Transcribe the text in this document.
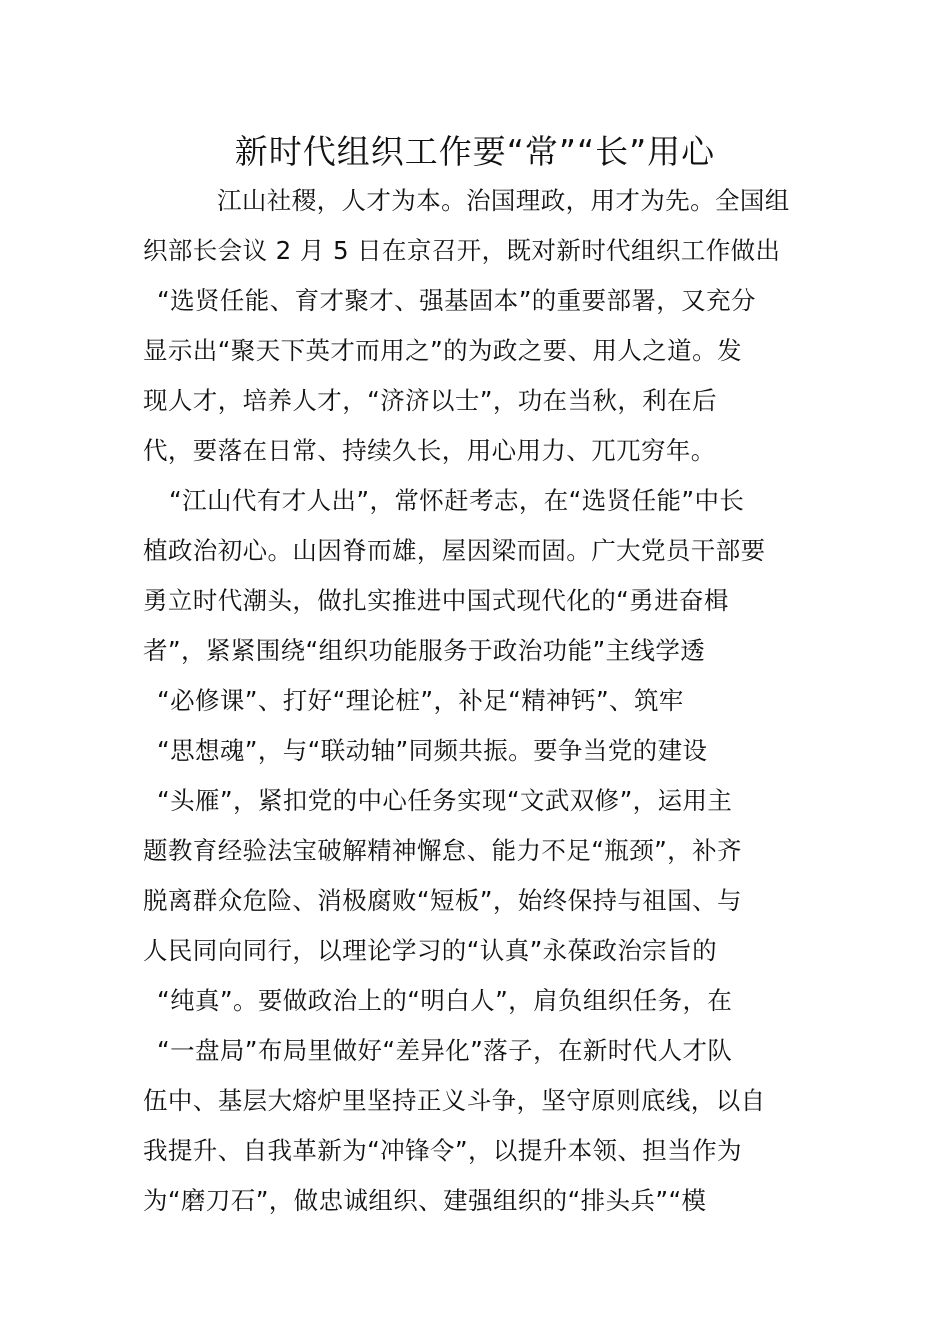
新时代组织工作要“常”“长”用心
江山社稷，人才为本。治国理政，用才为先。全国组
织部长会议 2 月 5 日在京召开，既对新时代组织工作做出
“选贤任能、育才聚才、强基固本”的重要部署，又充分
显示出“聚天下英才而用之”的为政之要、用人之道。发
现人才，培养人才，“济济以士”，功在当秋，利在后
代，要落在日常、持续久长，用心用力、兀兀穷年。
“江山代有才人出”，常怀赶考志，在“选贤任能”中长
植政治初心。山因脊而雄，屋因梁而固。广大党员干部要
勇立时代潮头，做扎实推进中国式现代化的“勇进奋楫
者”，紧紧围绕“组织功能服务于政治功能”主线学透
“必修课”、打好“理论桩”，补足“精神钙”、筑牢
“思想魂”，与“联动轴”同频共振。要争当党的建设
“头雁”，紧扣党的中心任务实现“文武双修”，运用主
题教育经验法宝破解精神懈怠、能力不足“瓶颈”，补齐
脱离群众危险、消极腐败“短板”，始终保持与祖国、与
人民同向同行，以理论学习的“认真”永葆政治宗旨的
“纯真”。要做政治上的“明白人”，肩负组织任务，在
“一盘局”布局里做好“差异化”落子，在新时代人才队
伍中、基层大熔炉里坚持正义斗争，坚守原则底线，以自
我提升、自我革新为“冲锋令”，以提升本领、担当作为
为“磨刀石”，做忠诚组织、建强组织的“排头兵”“模
